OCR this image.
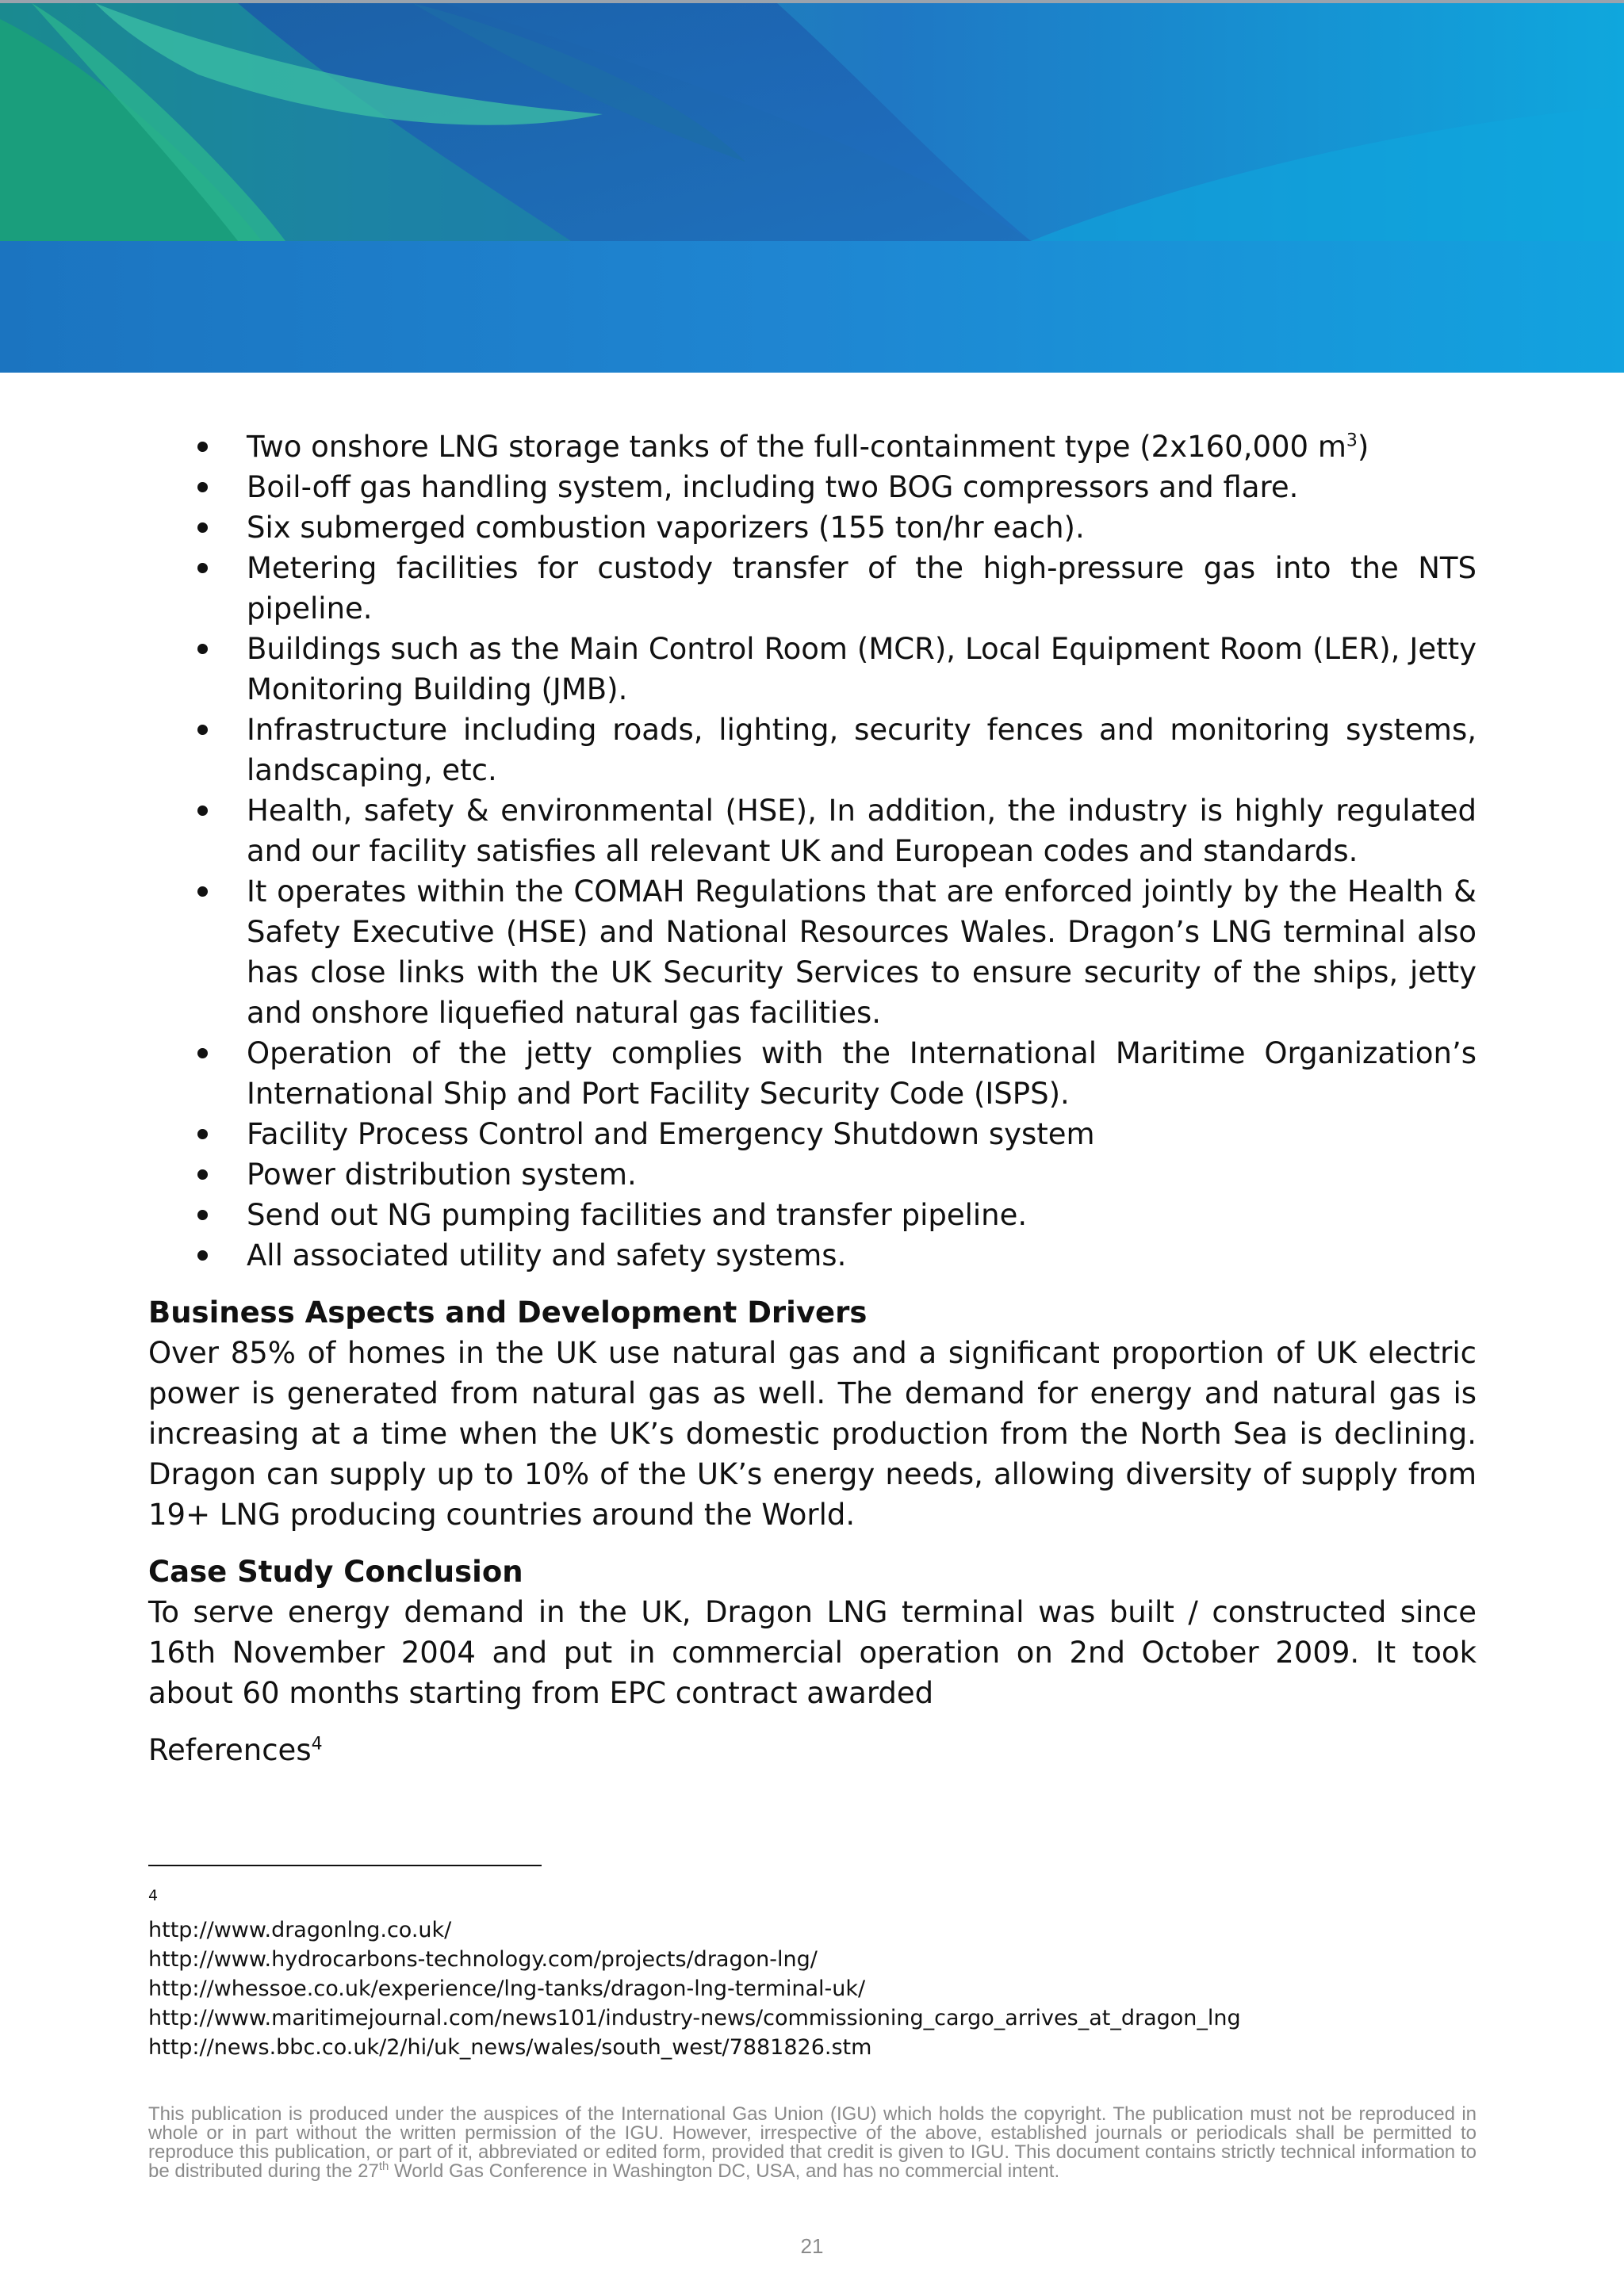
Two onshore LNG storage tanks of the full-containment type (2x160,000 $m^3$)
Boil-off gas handling system, including two BOG compressors and flare.
Six submerged combustion vaporizers (155 ton/hr each).
Metering facilities for custody transfer of the high-pressure gas into the NTS pipeline.
Buildings such as the Main Control Room (MCR), Local Equipment Room (LER), Jetty Monitoring Building (JMB).
Infrastructure including roads, lighting, security fences and monitoring systems, landscaping, etc.
Health, safety & environmental (HSE), In addition, the industry is highly regulated and our facility satisfies all relevant UK and European codes and standards.
It operates within the COMAH Regulations that are enforced jointly by the Health & Safety Executive (HSE) and National Resources Wales. Dragon’s LNG terminal also has close links with the UK Security Services to ensure security of the ships, jetty and onshore liquefied natural gas facilities.
Operation of the jetty complies with the International Maritime Organization’s International Ship and Port Facility Security Code (ISPS).
Facility Process Control and Emergency Shutdown system
Power distribution system.
Send out NG pumping facilities and transfer pipeline.
All associated utility and safety systems.
Business Aspects and Development Drivers
Over 85% of homes in the UK use natural gas and a significant proportion of UK electric power is generated from natural gas as well. The demand for energy and natural gas is increasing at a time when the UK’s domestic production from the North Sea is declining. Dragon can supply up to 10% of the UK’s energy needs, allowing diversity of supply from 19+ LNG producing countries around the World.
Case Study Conclusion
To serve energy demand in the UK, Dragon LNG terminal was built / constructed since 16th November 2004 and put in commercial operation on 2nd October 2009. It took about 60 months starting from EPC contract awarded
References$^4$
4
http://www.dragonlng.co.uk/
http://www.hydrocarbons-technology.com/projects/dragon-lng/
http://whessoe.co.uk/experience/lng-tanks/dragon-lng-terminal-uk/
http://www.maritimejournal.com/news101/industry-news/commissioning_cargo_arrives_at_dragon_lng
http://news.bbc.co.uk/2/hi/uk_news/wales/south_west/7881826.stm
This publication is produced under the auspices of the International Gas Union (IGU) which holds the copyright. The publication must not be reproduced in whole or in part without the written permission of the IGU. However, irrespective of the above, established journals or periodicals shall be permitted to reproduce this publication, or part of it, abbreviated or edited form, provided that credit is given to IGU. This document contains strictly technical information to be distributed during the 27th World Gas Conference in Washington DC, USA, and has no commercial intent.
21
